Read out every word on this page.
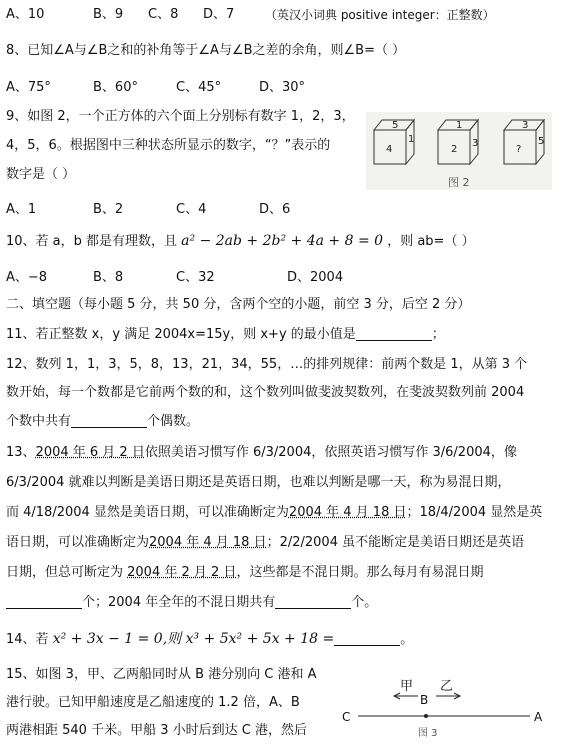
A、10	B、9 C、8 D、7	（英汉小词典 positive integer：正整数）
8、已知∠A与∠B之和的补角等于∠A与∠B之差的余角，则∠B=（ ）
A、75°	B、60°	C、45°	D、30°
9、如图 2，一个正方体的六个面上分别标有数字 1，2，3，
4，5，6。根据图中三种状态所显示的数字，“？”表示的
数字是（ ）
A、1	B、2	C、4	D、6
5
4
1
1
2
3
3
?
5
图 2
10、若 a，b 都是有理数，且 a² − 2ab + 2b² + 4a + 8 = 0 ，则 ab=（ ）
A、−8	B、8	C、32	D、2004
二、填空题（每小题 5 分，共 50 分，含两个空的小题，前空 3 分，后空 2 分）
11、若正整数 x，y 满足 2004x=15y，则 x+y 的最小值是	；
12、数列 1，1，3，5，8，13，21，34，55，…的排列规律：前两个数是 1，从第 3 个
数开始，每一个数都是它前两个数的和，这个数列叫做斐波契数列，在斐波契数列前 2004
个数中共有	个偶数。
13、2004 年 6 月 2 日依照美语习惯写作 6/3/2004，依照英语习惯写作 3/6/2004，像
6/3/2004 就难以判断是美语日期还是英语日期，也难以判断是哪一天，称为易混日期，
而 4/18/2004 显然是美语日期，可以准确断定为2004 年 4 月 18 日；18/4/2004 显然是英
语日期，可以准确断定为2004 年 4 月 18 日；2/2/2004 虽不能断定是美语日期还是英语
日期，但总可断定为 2004 年 2 月 2 日，这些都是不混日期。那么每月有易混日期
个；2004 年全年的不混日期共有	个。
14、若 x² + 3x − 1 = 0,则 x³ + 5x² + 5x + 18 =	。
15、如图 3，甲、乙两船同时从 B 港分别向 C 港和 A
港行驶。已知甲船速度是乙船速度的 1.2 倍，A、B
两港相距 540 千米。甲船 3 小时后到达 C 港，然后
甲 乙
B
C	A
图 3
